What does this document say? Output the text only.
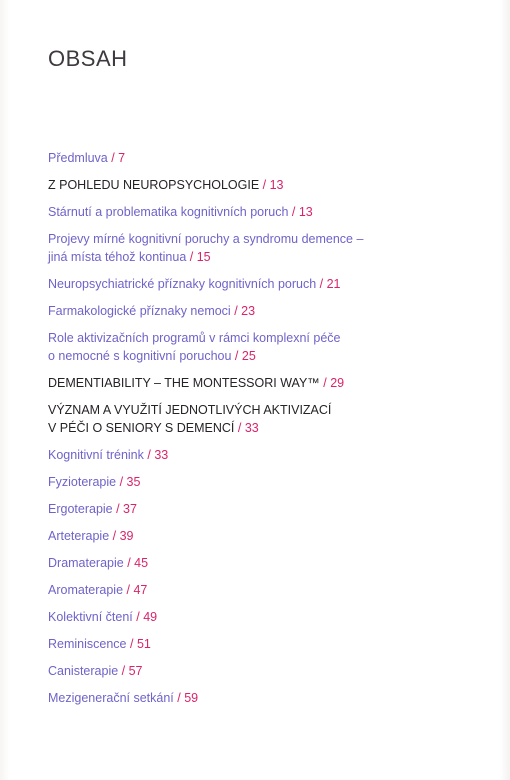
OBSAH
Předmluva / 7
Z POHLEDU NEUROPSYCHOLOGIE / 13
Stárnutí a problematika kognitivních poruch / 13
Projevy mírné kognitivní poruchy a syndromu demence –
jiná místa téhož kontinua / 15
Neuropsychiatrické příznaky kognitivních poruch / 21
Farmakologické příznaky nemoci / 23
Role aktivizačních programů v rámci komplexní péče
o nemocné s kognitivní poruchou / 25
DEMENTIABILITY – THE MONTESSORI WAY™ / 29
VÝZNAM A VYUŽITÍ JEDNOTLIVÝCH AKTIVIZACÍ
V PÉČI O SENIORY S DEMENCÍ / 33
Kognitivní trénink / 33
Fyzioterapie / 35
Ergoterapie / 37
Arteterapie / 39
Dramaterapie / 45
Aromaterapie / 47
Kolektivní čtení / 49
Reminiscence / 51
Canisterapie / 57
Mezigenerační setkání / 59
